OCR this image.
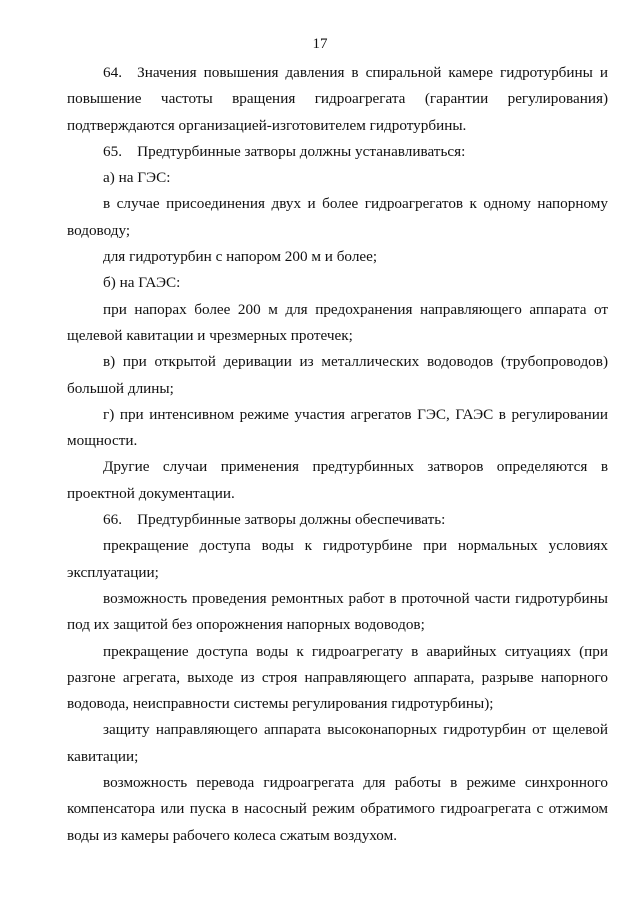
17

64. Значения повышения давления в спиральной камере гидротурбины и повышение частоты вращения гидроагрегата (гарантии регулирования) подтверждаются организацией-изготовителем гидротурбины.

65. Предтурбинные затворы должны устанавливаться:

а) на ГЭС:

в случае присоединения двух и более гидроагрегатов к одному напорному водоводу;

для гидротурбин с напором 200 м и более;

б) на ГАЭС:

при напорах более 200 м для предохранения направляющего аппарата от щелевой кавитации и чрезмерных протечек;

в) при открытой деривации из металлических водоводов (трубопроводов) большой длины;

г) при интенсивном режиме участия агрегатов ГЭС, ГАЭС в регулировании мощности.

Другие случаи применения предтурбинных затворов определяются в проектной документации.

66. Предтурбинные затворы должны обеспечивать:

прекращение доступа воды к гидротурбине при нормальных условиях эксплуатации;

возможность проведения ремонтных работ в проточной части гидротурбины под их защитой без опорожнения напорных водоводов;

прекращение доступа воды к гидроагрегату в аварийных ситуациях (при разгоне агрегата, выходе из строя направляющего аппарата, разрыве напорного водовода, неисправности системы регулирования гидротурбины);

защиту направляющего аппарата высоконапорных гидротурбин от щелевой кавитации;

возможность перевода гидроагрегата для работы в режиме синхронного компенсатора или пуска в насосный режим обратимого гидроагрегата с отжимом воды из камеры рабочего колеса сжатым воздухом.
